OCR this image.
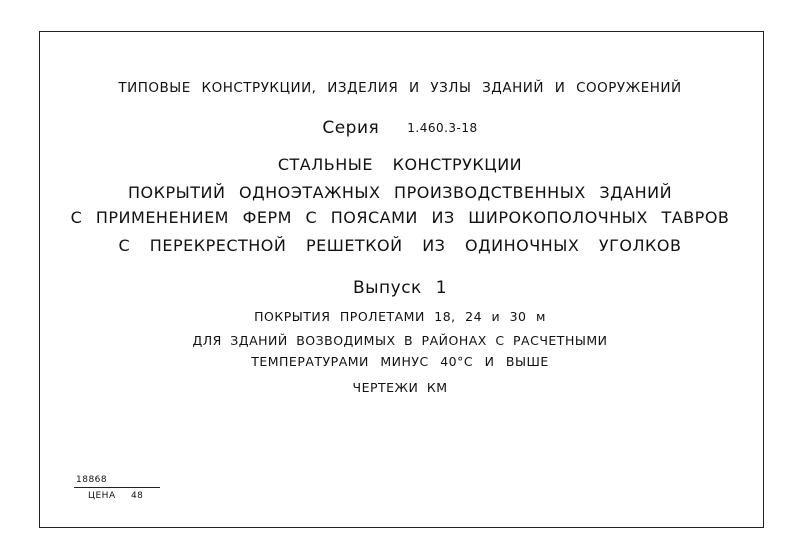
ТИПОВЫЕ КОНСТРУКЦИИ, ИЗДЕЛИЯ И УЗЛЫ ЗДАНИЙ И СООРУЖЕНИЙ
Серия 1.460.3-18
СТАЛЬНЫЕ КОНСТРУКЦИИ
ПОКРЫТИЙ ОДНОЭТАЖНЫХ ПРОИЗВОДСТВЕННЫХ ЗДАНИЙ
С ПРИМЕНЕНИЕМ ФЕРМ С ПОЯСАМИ ИЗ ШИРОКОПОЛОЧНЫХ ТАВРОВ
С ПЕРЕКРЕСТНОЙ РЕШЕТКОЙ ИЗ ОДИНОЧНЫХ УГОЛКОВ
Выпуск 1
ПОКРЫТИЯ ПРОЛЕТАМИ 18, 24 и 30 м
ДЛЯ ЗДАНИЙ ВОЗВОДИМЫХ В РАЙОНАХ С РАСЧЕТНЫМИ
ТЕМПЕРАТУРАМИ МИНУС 40°С И ВЫШЕ
ЧЕРТЕЖИ КМ
18868
ЦЕНА 48
